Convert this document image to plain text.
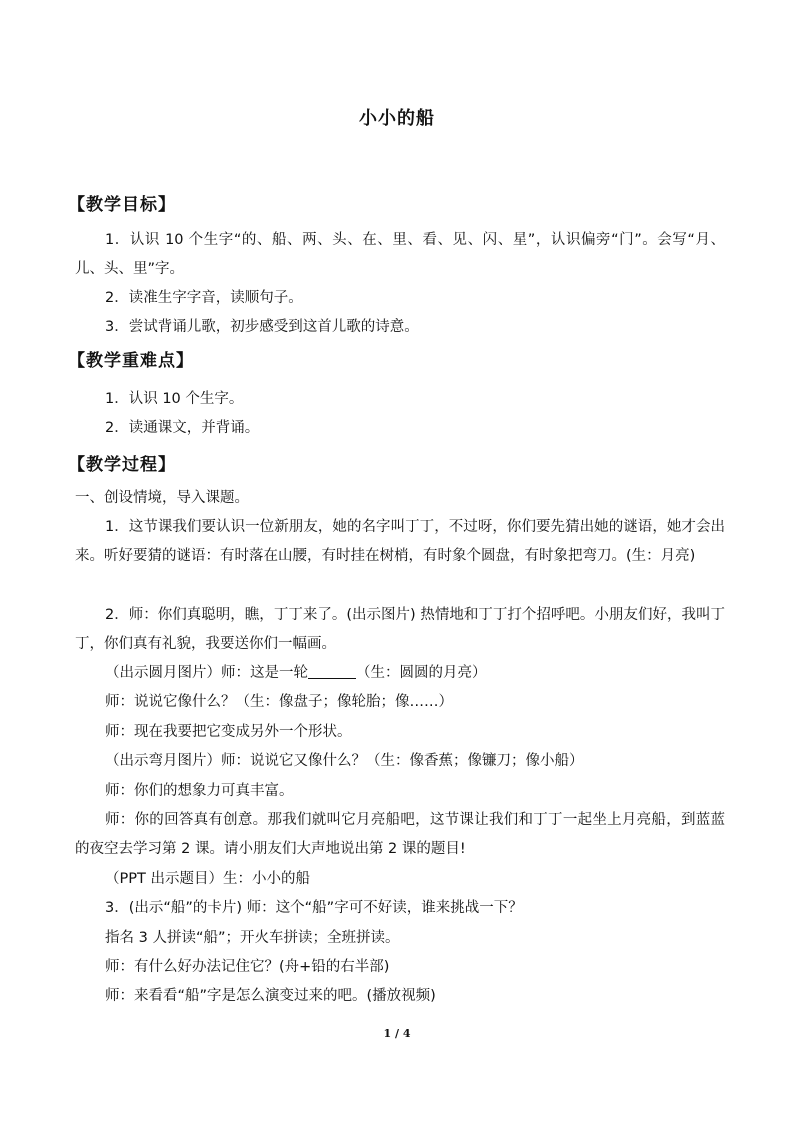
小小的船
【教学目标】
1．认识 10 个生字“的、船、两、头、在、里、看、见、闪、星”，认识偏旁“门”。会写“月、儿、头、里”字。
2．读准生字字音，读顺句子。
3．尝试背诵儿歌，初步感受到这首儿歌的诗意。
【教学重难点】
1．认识 10 个生字。
2．读通课文，并背诵。
【教学过程】
一、创设情境，导入课题。
1．这节课我们要认识一位新朋友，她的名字叫丁丁，不过呀，你们要先猜出她的谜语，她才会出来。听好要猜的谜语：有时落在山腰，有时挂在树梢，有时象个圆盘，有时象把弯刀。(生：月亮)
2．师：你们真聪明，瞧，丁丁来了。(出示图片) 热情地和丁丁打个招呼吧。小朋友们好，我叫丁丁，你们真有礼貌，我要送你们一幅画。
（出示圆月图片）师：这是一轮	（生：圆圆的月亮）
师：说说它像什么？（生：像盘子；像轮胎；像……）
师：现在我要把它变成另外一个形状。
（出示弯月图片）师：说说它又像什么？（生：像香蕉；像镰刀；像小船）
师：你们的想象力可真丰富。
师：你的回答真有创意。那我们就叫它月亮船吧，这节课让我们和丁丁一起坐上月亮船，到蓝蓝的夜空去学习第 2 课。请小朋友们大声地说出第 2 课的题目!
（PPT 出示题目）生：小小的船
3．(出示“船”的卡片) 师：这个“船”字可不好读，谁来挑战一下？
指名 3 人拼读“船”；开火车拼读；全班拼读。
师：有什么好办法记住它？(舟+铅的右半部)
师：来看看“船”字是怎么演变过来的吧。(播放视频)
1 / 4
